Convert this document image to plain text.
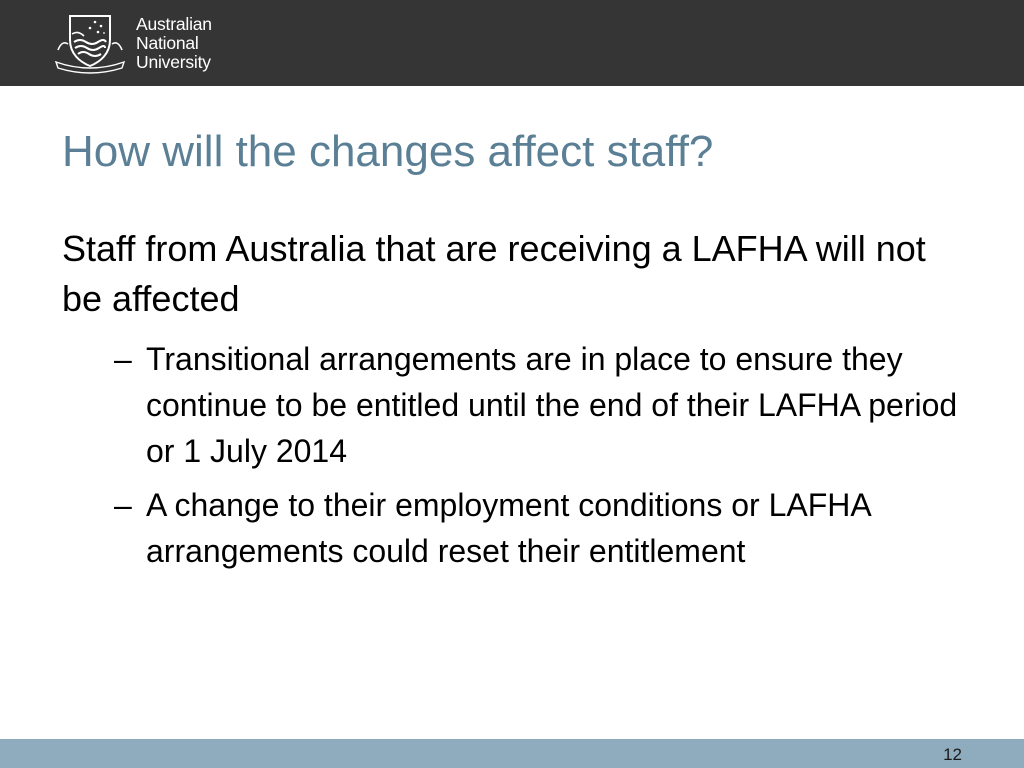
Australian
National
University
How will the changes affect staff?

Staff from Australia that are receiving a LAFHA will not be affected

– Transitional arrangements are in place to ensure they continue to be entitled until the end of their LAFHA period or 1 July 2014
– A change to their employment conditions or LAFHA arrangements could reset their entitlement
12
